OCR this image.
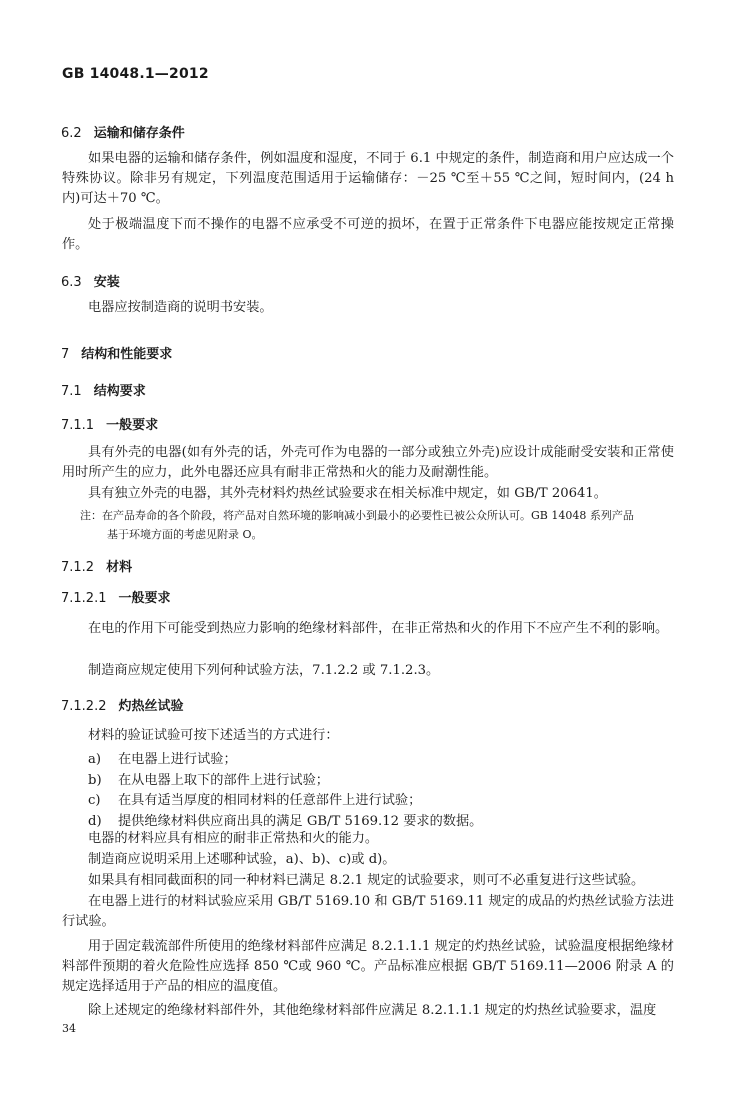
GB 14048.1—2012
6.2 运输和储存条件

如果电器的运输和储存条件，例如温度和湿度，不同于 6.1 中规定的条件，制造商和用户应达成一个特殊协议。除非另有规定，下列温度范围适用于运输储存：－25 ℃至＋55 ℃之间，短时间内，(24 h内)可达＋70 ℃。

处于极端温度下而不操作的电器不应承受不可逆的损坏，在置于正常条件下电器应能按规定正常操作。

6.3 安装

电器应按制造商的说明书安装。

7 结构和性能要求
7.1 结构要求
7.1.1 一般要求

具有外壳的电器(如有外壳的话，外壳可作为电器的一部分或独立外壳)应设计成能耐受安装和正常使用时所产生的应力，此外电器还应具有耐非正常热和火的能力及耐潮性能。

具有独立外壳的电器，其外壳材料灼热丝试验要求在相关标准中规定，如 GB/T 20641。

注：在产品寿命的各个阶段，将产品对自然环境的影响减小到最小的必要性已被公众所认可。GB 14048 系列产品
基于环境方面的考虑见附录 O。
7.1.2 材料
7.1.2.1 一般要求

在电的作用下可能受到热应力影响的绝缘材料部件，在非正常热和火的作用下不应产生不利的影响。

制造商应规定使用下列何种试验方法，7.1.2.2 或 7.1.2.3。

7.1.2.2 灼热丝试验

材料的验证试验可按下述适当的方式进行：

a) 在电器上进行试验；

b) 在从电器上取下的部件上进行试验；

c) 在具有适当厚度的相同材料的任意部件上进行试验；

d) 提供绝缘材料供应商出具的满足 GB/T 5169.12 要求的数据。

电器的材料应具有相应的耐非正常热和火的能力。

制造商应说明采用上述哪种试验，a)、b)、c)或 d)。

如果具有相同截面积的同一种材料已满足 8.2.1 规定的试验要求，则可不必重复进行这些试验。

在电器上进行的材料试验应采用 GB/T 5169.10 和 GB/T 5169.11 规定的成品的灼热丝试验方法进行试验。

用于固定载流部件所使用的绝缘材料部件应满足 8.2.1.1.1 规定的灼热丝试验，试验温度根据绝缘材料部件预期的着火危险性应选择 850 ℃或 960 ℃。产品标准应根据 GB/T 5169.11—2006 附录 A 的规定选择适用于产品的相应的温度值。

除上述规定的绝缘材料部件外，其他绝缘材料部件应满足 8.2.1.1.1 规定的灼热丝试验要求，温度

34
